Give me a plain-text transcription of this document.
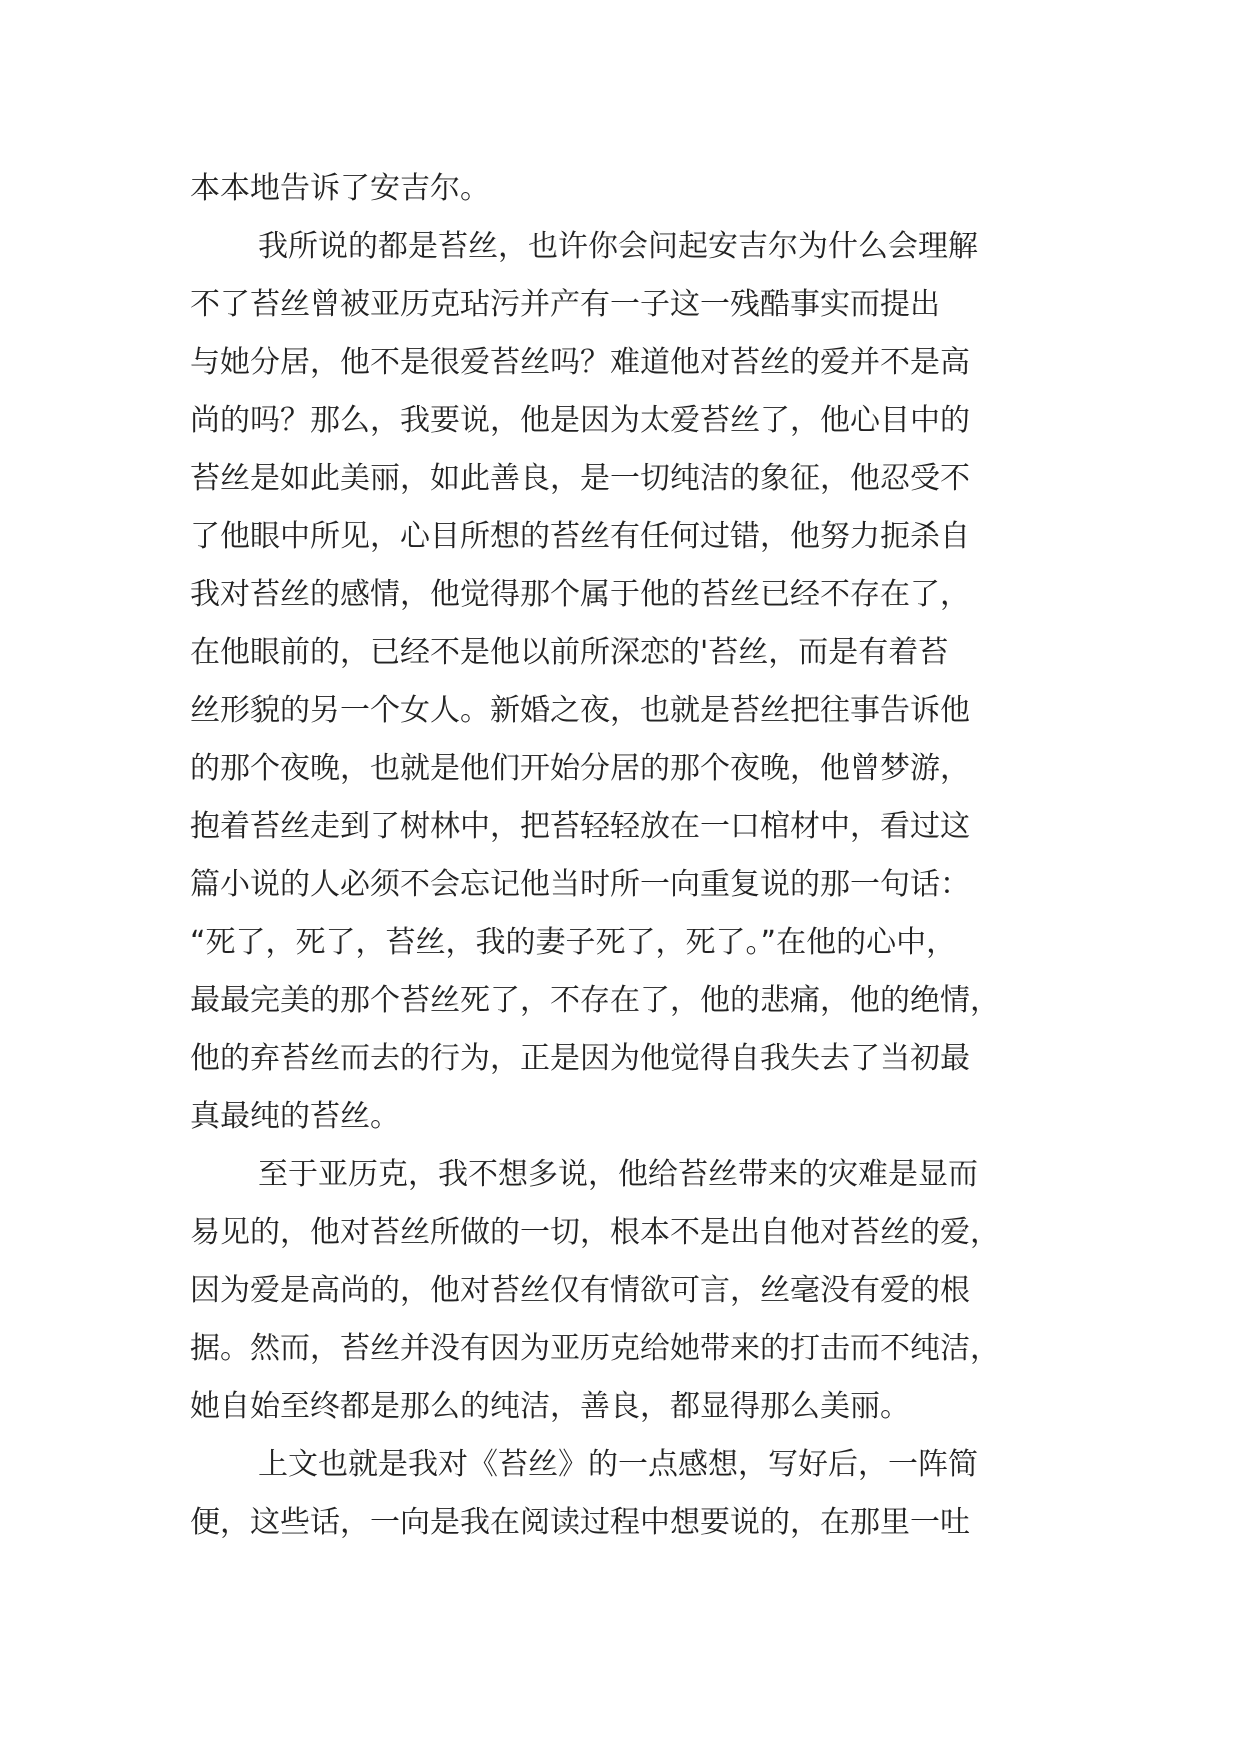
本本地告诉了安吉尔。
我所说的都是苔丝，也许你会问起安吉尔为什么会理解
不了苔丝曾被亚历克玷污并产有一子这一残酷事实而提出
与她分居，他不是很爱苔丝吗？难道他对苔丝的爱并不是高
尚的吗？那么，我要说，他是因为太爱苔丝了，他心目中的
苔丝是如此美丽，如此善良，是一切纯洁的象征，他忍受不
了他眼中所见，心目所想的苔丝有任何过错，他努力扼杀自
我对苔丝的感情，他觉得那个属于他的苔丝已经不存在了，
在他眼前的，已经不是他以前所深恋的'苔丝，而是有着苔
丝形貌的另一个女人。新婚之夜，也就是苔丝把往事告诉他
的那个夜晚，也就是他们开始分居的那个夜晚，他曾梦游，
抱着苔丝走到了树林中，把苔轻轻放在一口棺材中，看过这
篇小说的人必须不会忘记他当时所一向重复说的那一句话：
“死了，死了，苔丝，我的妻子死了，死了。”在他的心中，
最最完美的那个苔丝死了，不存在了，他的悲痛，他的绝情，
他的弃苔丝而去的行为，正是因为他觉得自我失去了当初最
真最纯的苔丝。
至于亚历克，我不想多说，他给苔丝带来的灾难是显而
易见的，他对苔丝所做的一切，根本不是出自他对苔丝的爱，
因为爱是高尚的，他对苔丝仅有情欲可言，丝毫没有爱的根
据。然而，苔丝并没有因为亚历克给她带来的打击而不纯洁，
她自始至终都是那么的纯洁，善良，都显得那么美丽。
上文也就是我对《苔丝》的一点感想，写好后，一阵简
便，这些话，一向是我在阅读过程中想要说的，在那里一吐
